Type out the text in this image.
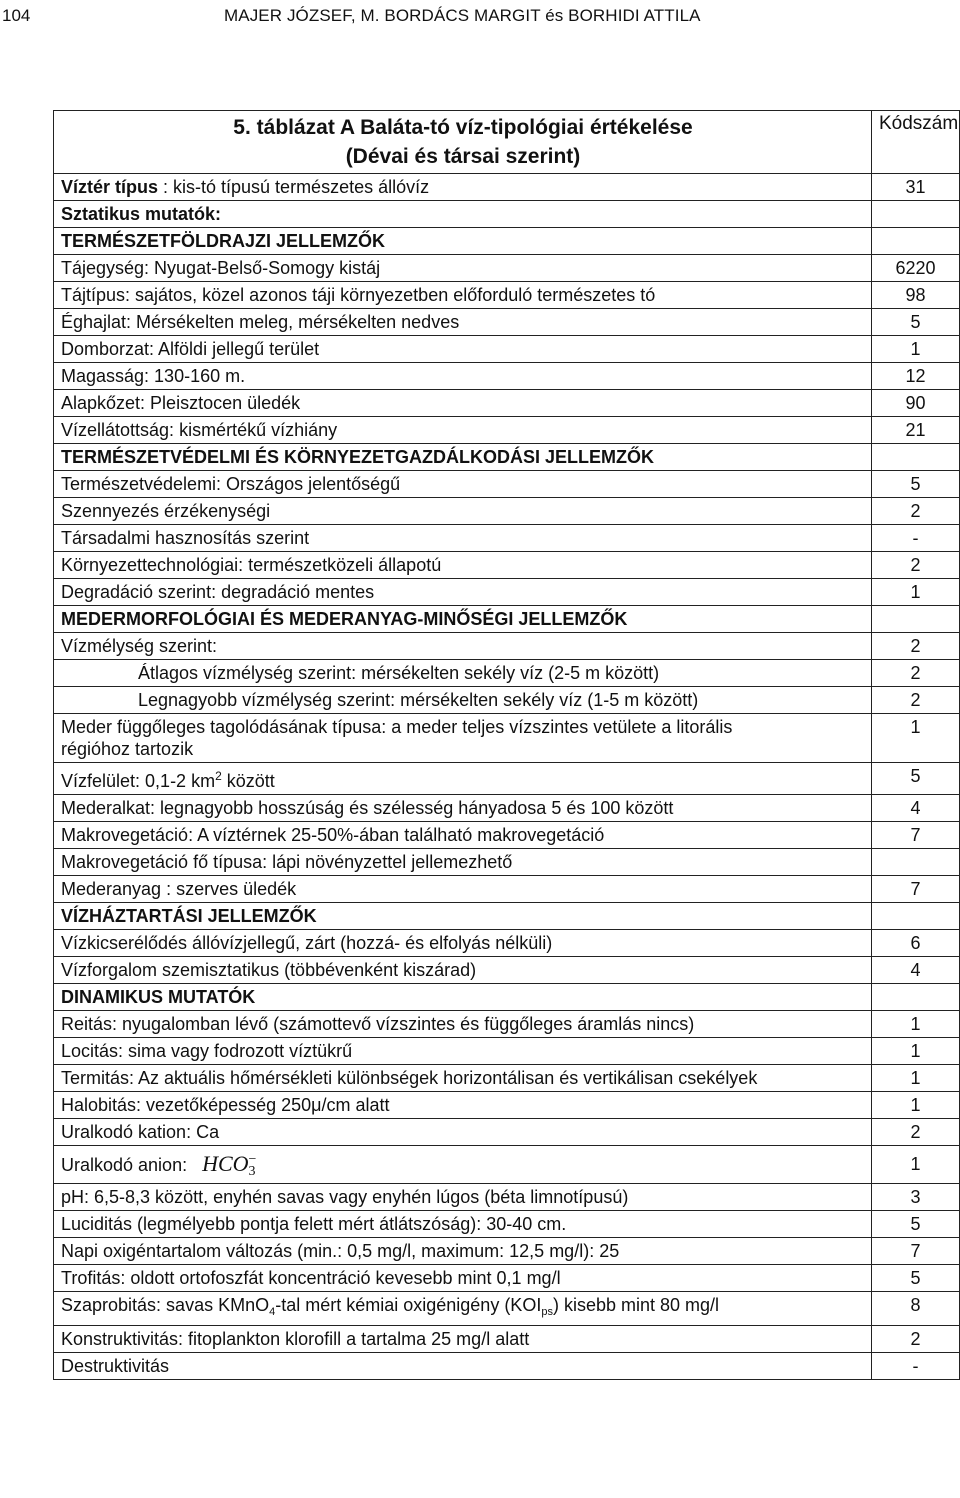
104	MAJER JÓZSEF, M. BORDÁCS MARGIT és BORHIDI ATTILA
5. táblázat A Baláta-tó víz-tipológiai értékelése
(Dévai és társai szerint)	Kódszám
Víztér típus : kis-tó típusú természetes állóvíz	31
Sztatikus mutatók:	
TERMÉSZETFÖLDRAJZI JELLEMZŐK	
Tájegység: Nyugat-Belső-Somogy kistáj	6220
Tájtípus: sajátos, közel azonos táji környezetben előforduló természetes tó	98
Éghajlat: Mérsékelten meleg, mérsékelten nedves	5
Domborzat: Alföldi jellegű terület	1
Magasság: 130-160 m.	12
Alapkőzet: Pleisztocen üledék	90
Vízellátottság: kismértékű vízhiány	21
TERMÉSZETVÉDELMI ÉS KÖRNYEZETGAZDÁLKODÁSI JELLEMZŐK	
Természetvédelemi: Országos jelentőségű	5
Szennyezés érzékenységi	2
Társadalmi hasznosítás szerint	-
Környezettechnológiai: természetközeli állapotú	2
Degradáció szerint: degradáció mentes	1
MEDERMORFOLÓGIAI ÉS MEDERANYAG-MINŐSÉGI JELLEMZŐK	
Vízmélység szerint:	2
Átlagos vízmélység szerint: mérsékelten sekély víz (2-5 m között)	2
Legnagyobb vízmélység szerint: mérsékelten sekély víz (1-5 m között)	2
Meder függőleges tagolódásának típusa: a meder teljes vízszintes vetülete a litorális régióhoz tartozik	1
Vízfelület: 0,1-2 $km^2$ között	5
Mederalkat: legnagyobb hosszúság és szélesség hányadosa 5 és 100 között	4
Makrovegetáció: A víztérnek 25-50%-ában található makrovegetáció	7
Makrovegetáció fő típusa: lápi növényzettel jellemezhető	
Mederanyag : szerves üledék	7
VÍZHÁZTARTÁSI JELLEMZŐK	
Vízkicserélődés állóvízjellegű, zárt (hozzá- és elfolyás nélküli)	6
Vízforgalom szemisztatikus (többévenként kiszárad)	4
DINAMIKUS MUTATÓK	
Reitás: nyugalomban lévő (számottevő vízszintes és függőleges áramlás nincs)	1
Locitás: sima vagy fodrozott víztükrű	1
Termitás: Az aktuális hőmérsékleti különbségek horizontálisan és vertikálisan csekélyek	1
Halobitás: vezetőképesség 250μ/cm alatt	1
Uralkodó kation: Ca	2
Uralkodó anion: HCO −
3	1
pH: 6,5-8,3 között, enyhén savas vagy enyhén lúgos (béta limnotípusú)	3
Luciditás (legmélyebb pontja felett mért átlátszóság): 30-40 cm.	5
Napi oxigéntartalom változás (min.: 0,5 mg/l, maximum: 12,5 mg/l): 25	7
Trofitás: oldott ortofoszfát koncentráció kevesebb mint 0,1 mg/l	5
Szaprobitás: savas KMnO$_4$-tal mért kémiai oxigénigény $(KOI_{ps})$ kisebb mint 80 mg/l	8
Konstruktivitás: fitoplankton klorofill a tartalma 25 mg/l alatt	2
Destruktivitás	-
